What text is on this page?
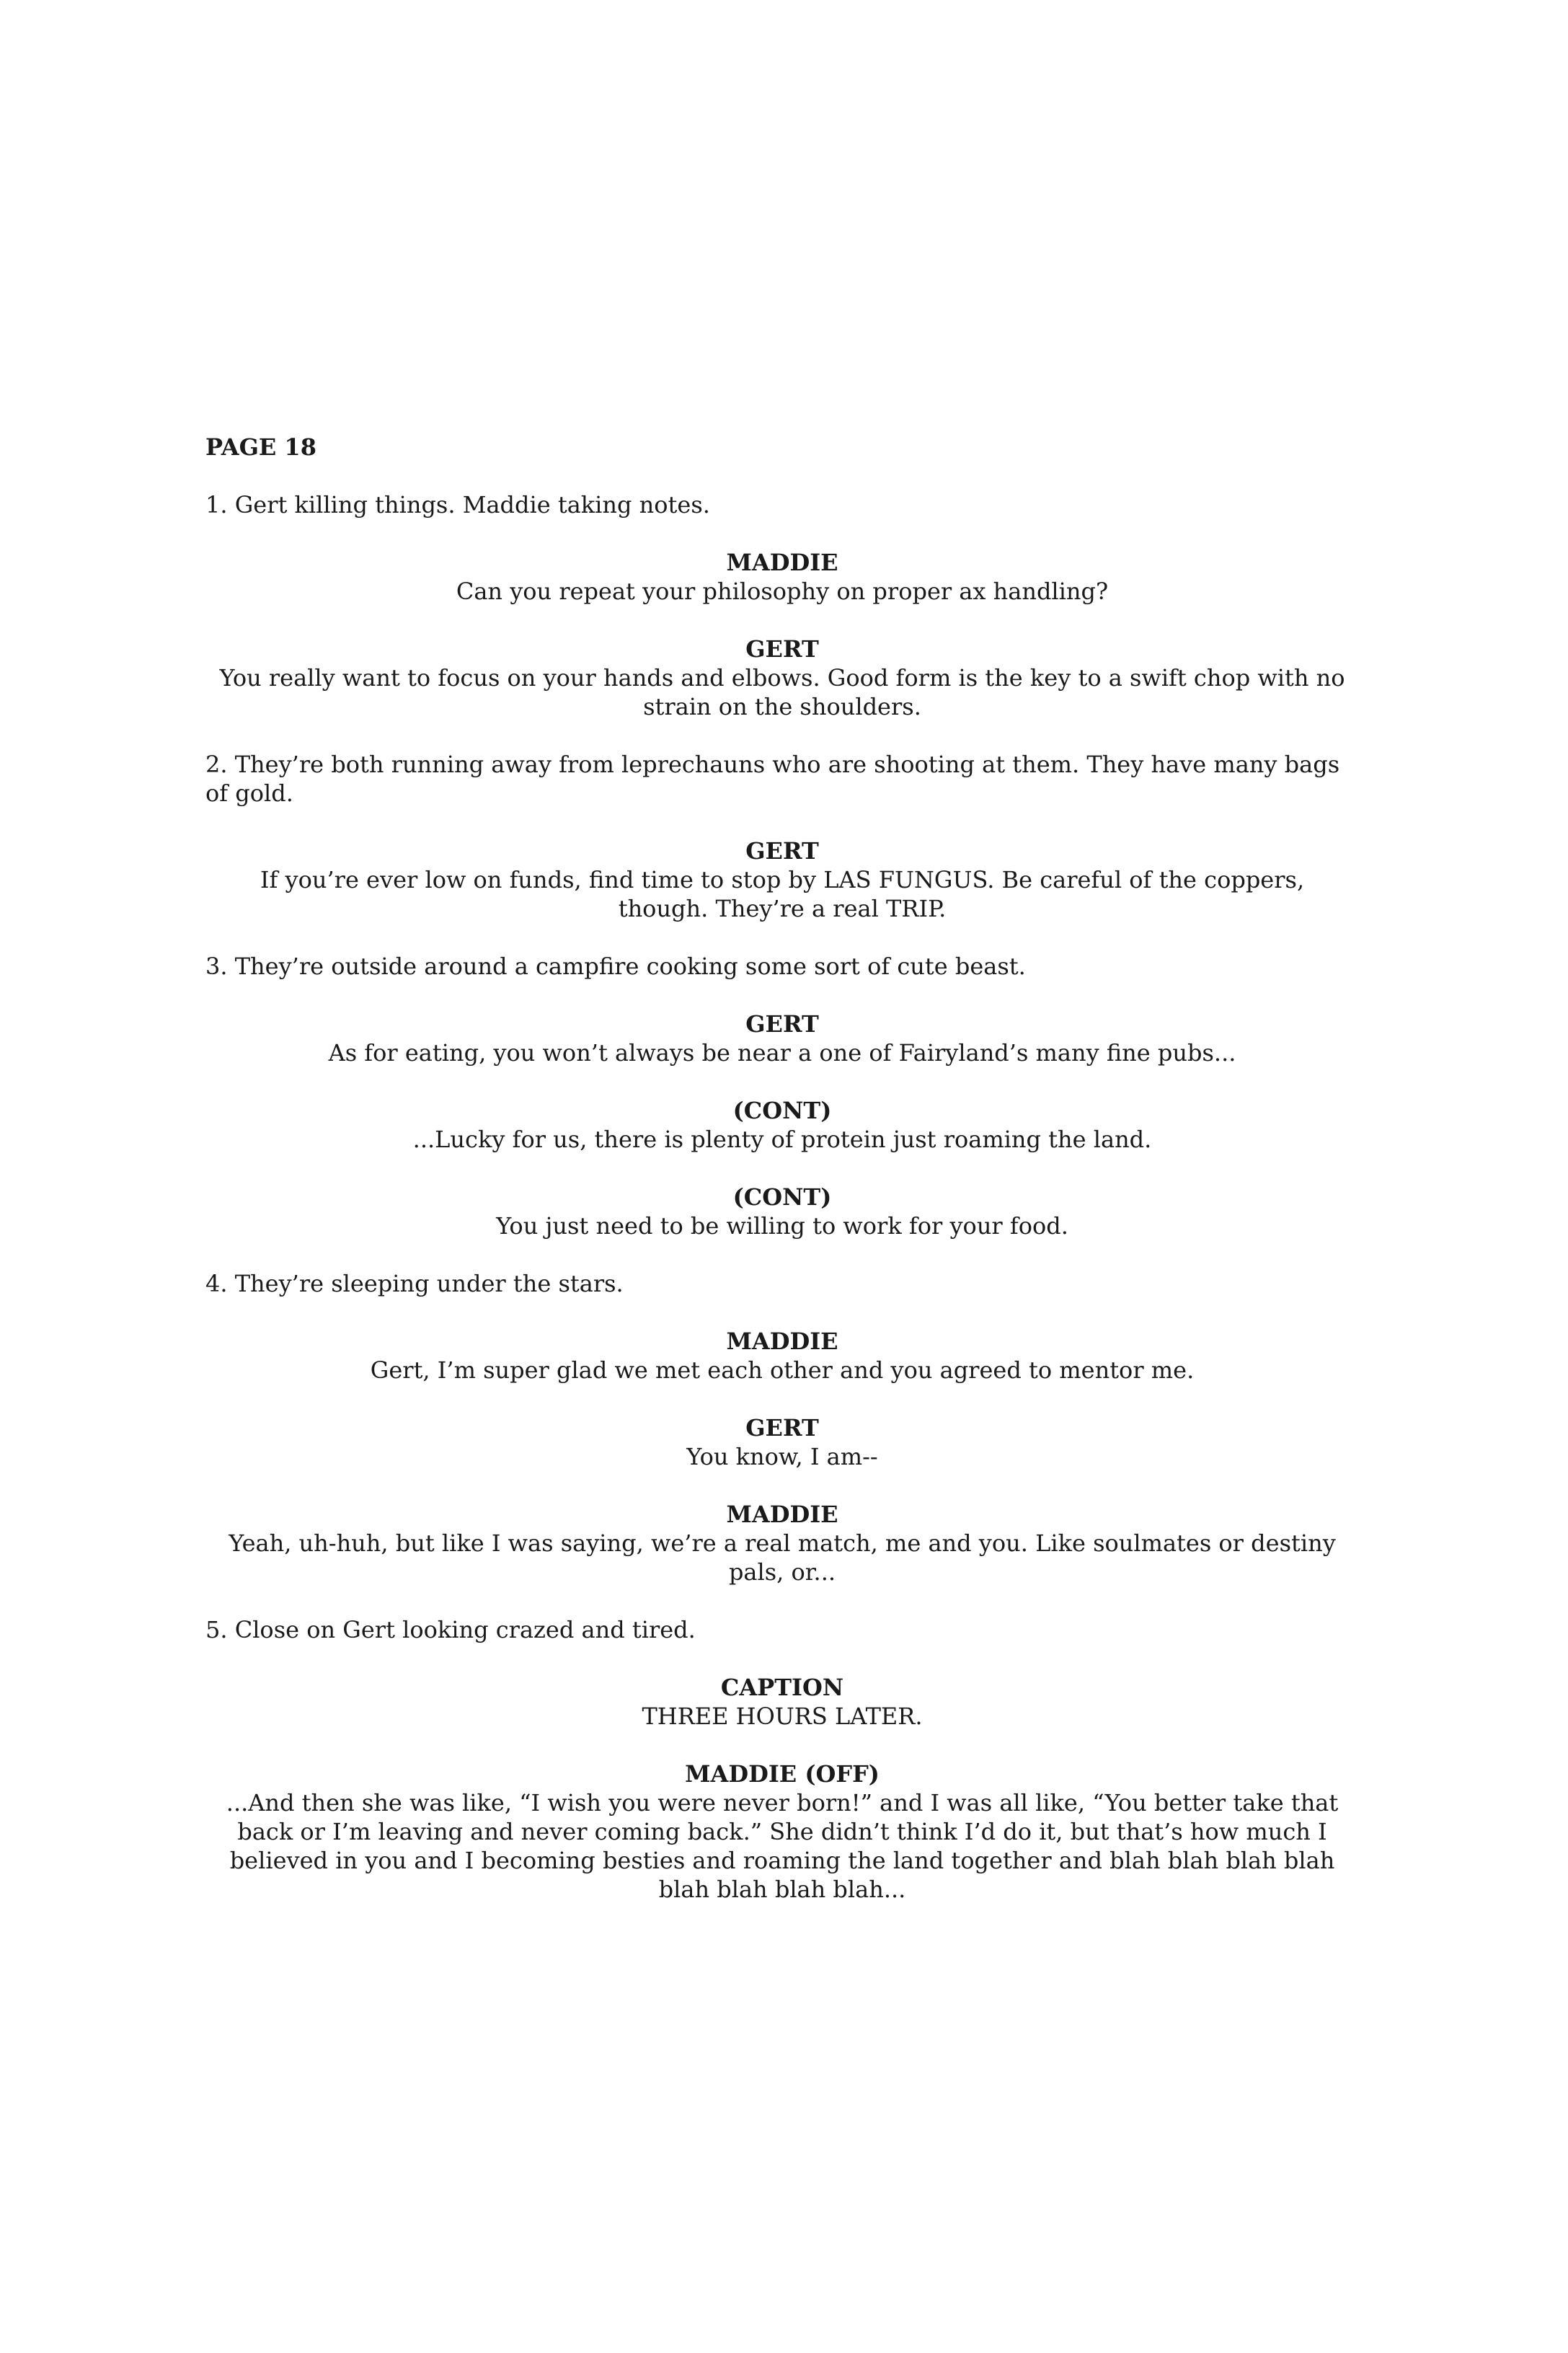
PAGE 18
1. Gert killing things. Maddie taking notes.
MADDIE
Can you repeat your philosophy on proper ax handling?
GERT
You really want to focus on your hands and elbows. Good form is the key to a swift chop with no strain on the shoulders.
2. They’re both running away from leprechauns who are shooting at them. They have many bags of gold.
GERT
If you’re ever low on funds, find time to stop by LAS FUNGUS. Be careful of the coppers, though. They’re a real TRIP.
3. They’re outside around a campfire cooking some sort of cute beast.
GERT
As for eating, you won’t always be near a one of Fairyland’s many fine pubs...
(CONT)
...Lucky for us, there is plenty of protein just roaming the land.
(CONT)
You just need to be willing to work for your food.
4. They’re sleeping under the stars.
MADDIE
Gert, I’m super glad we met each other and you agreed to mentor me.
GERT
You know, I am--
MADDIE
Yeah, uh-huh, but like I was saying, we’re a real match, me and you. Like soulmates or destiny pals, or...
5. Close on Gert looking crazed and tired.
CAPTION
THREE HOURS LATER.
MADDIE (OFF)
...And then she was like, “I wish you were never born!” and I was all like, “You better take that back or I’m leaving and never coming back.” She didn’t think I’d do it, but that’s how much I believed in you and I becoming besties and roaming the land together and blah blah blah blah blah blah blah blah...
